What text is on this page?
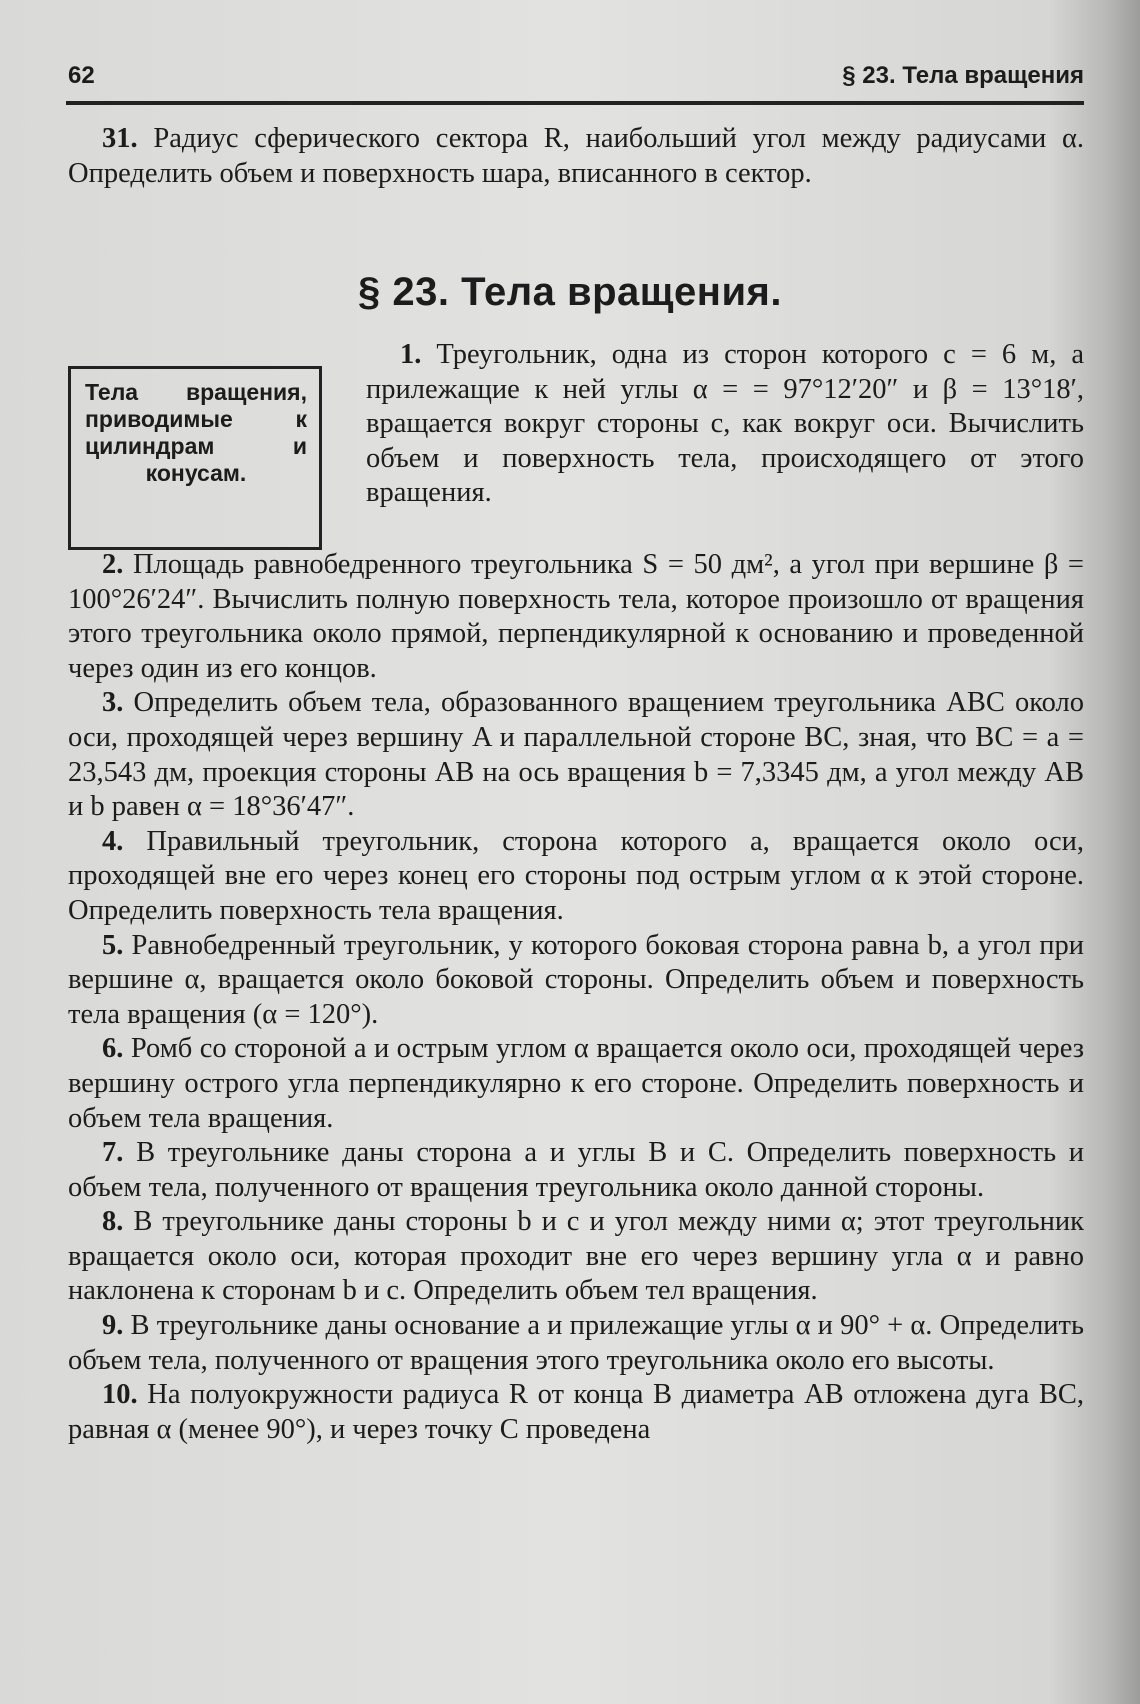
62	§ 23. Тела вращения

31. Радиус сферического сектора R, наибольший угол между радиусами α. Определить объем и поверхность шара, вписанного в сектор.

§ 23. Тела вращения.
Тела вращения, приводимые к цилиндрам и конусам.

1. Треугольник, одна из сторон которого c = 6 м, а прилежащие к ней углы α = = 97°12′20″ и β = 13°18′, вращается вокруг стороны c, как вокруг оси. Вычислить объем и поверхность тела, происходящего от этого вращения.

2. Площадь равнобедренного треугольника S = 50 дм², а угол при вершине β = 100°26′24″. Вычислить полную поверхность тела, которое произошло от вращения этого треугольника около прямой, перпендикулярной к основанию и проведенной через один из его концов.

3. Определить объем тела, образованного вращением треугольника ABC около оси, проходящей через вершину A и параллельной стороне BC, зная, что BC = a = 23,543 дм, проекция стороны AB на ось вращения b = 7,3345 дм, а угол между AB и b равен α = 18°36′47″.

4. Правильный треугольник, сторона которого a, вращается около оси, проходящей вне его через конец его стороны под острым углом α к этой стороне. Определить поверхность тела вращения.

5. Равнобедренный треугольник, у которого боковая сторона равна b, а угол при вершине α, вращается около боковой стороны. Определить объем и поверхность тела вращения (α = 120°).

6. Ромб со стороной a и острым углом α вращается около оси, проходящей через вершину острого угла перпендикулярно к его стороне. Определить поверхность и объем тела вращения.

7. В треугольнике даны сторона a и углы B и C. Определить поверхность и объем тела, полученного от вращения треугольника около данной стороны.

8. В треугольнике даны стороны b и c и угол между ними α; этот треугольник вращается около оси, которая проходит вне его через вершину угла α и равно наклонена к сторонам b и c. Определить объем тел вращения.

9. В треугольнике даны основание a и прилежащие углы α и 90° + α. Определить объем тела, полученного от вращения этого треугольника около его высоты.

10. На полуокружности радиуса R от конца B диаметра AB отложена дуга BC, равная α (менее 90°), и через точку C проведена
